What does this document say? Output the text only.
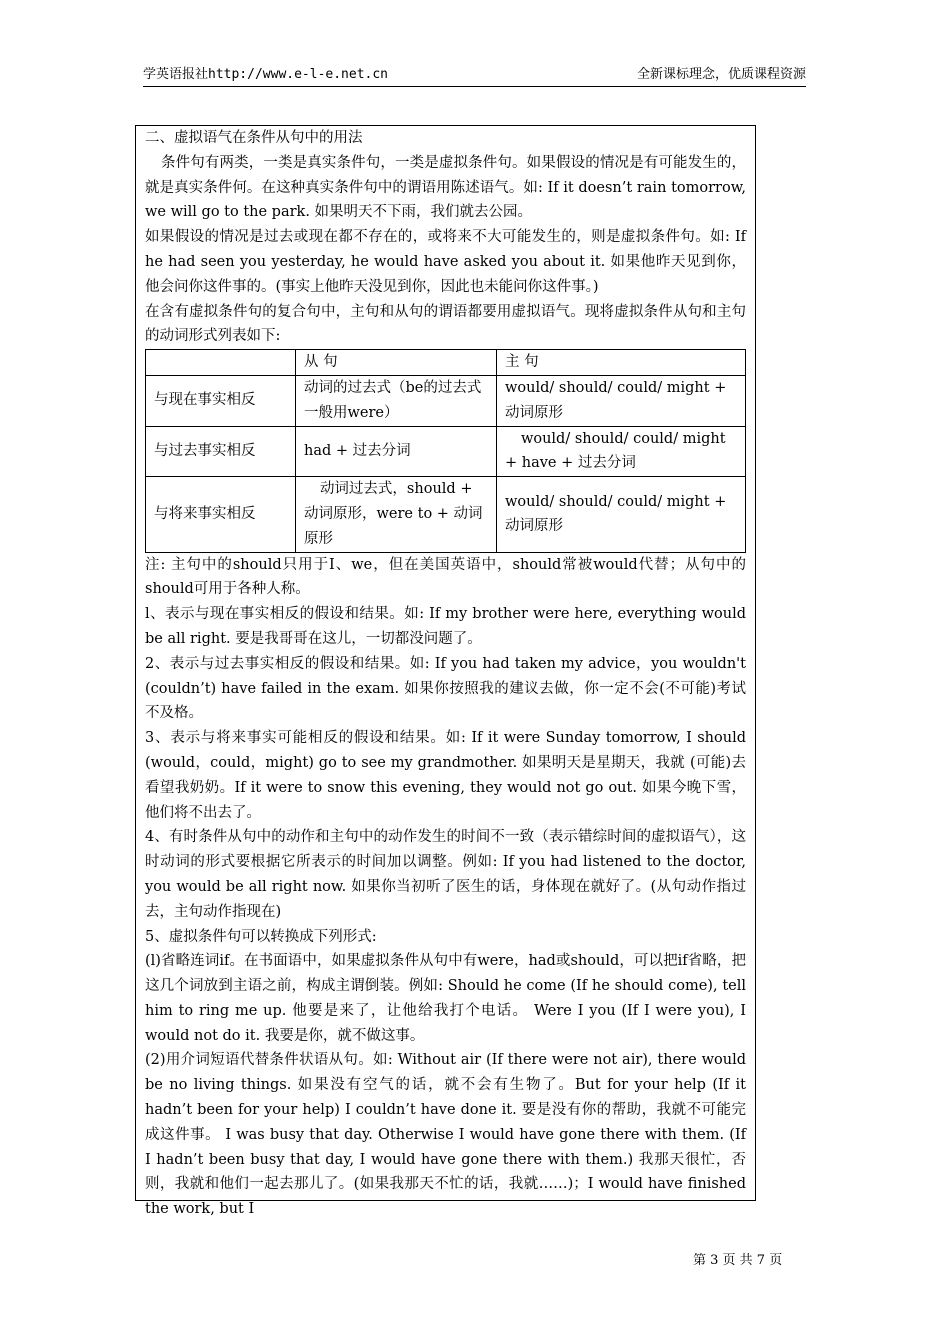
学英语报社http://www.e-l-e.net.cn	全新课标理念，优质课程资源

二、虚拟语气在条件从句中的用法

条件句有两类，一类是真实条件句，一类是虚拟条件句。如果假设的情况是有可能发生的，就是真实条件何。在这种真实条件句中的谓语用陈述语气。如: If it doesn’t rain tomorrow, we will go to the park. 如果明天不下雨，我们就去公园。

如果假设的情况是过去或现在都不存在的，或将来不大可能发生的，则是虚拟条件句。如: If he had seen you yesterday, he would have asked you about it. 如果他昨天见到你，他会问你这件事的。(事实上他昨天没见到你，因此也未能问你这件事。)

在含有虚拟条件句的复合句中，主句和从句的谓语都要用虚拟语气。现将虚拟条件从句和主句的动词形式列表如下:

	从 句	主 句
与现在事实相反	动词的过去式（be的过去式一般用were）	would/ should/ could/ might + 动词原形
与过去事实相反	had + 过去分词	would/ should/ could/ might + have + 过去分词
与将来事实相反	动词过去式，should + 动词原形，were to + 动词原形	would/ should/ could/ might + 动词原形

注: 主句中的should只用于I、we，但在美国英语中，should常被would代替；从句中的should可用于各种人称。

l、表示与现在事实相反的假设和结果。如: If my brother were here, everything would be all right. 要是我哥哥在这儿，一切都没问题了。

2、表示与过去事实相反的假设和结果。如: If you had taken my advice，you wouldn't (couldn’t) have failed in the exam. 如果你按照我的建议去做，你一定不会(不可能)考试不及格。

3、表示与将来事实可能相反的假设和结果。如: If it were Sunday tomorrow, I should (would，could，might) go to see my grandmother. 如果明天是星期天，我就 (可能)去看望我奶奶。If it were to snow this evening, they would not go out. 如果今晚下雪，他们将不出去了。

4、有时条件从句中的动作和主句中的动作发生的时间不一致（表示错综时间的虚拟语气），这时动词的形式要根据它所表示的时间加以调整。例如: If you had listened to the doctor, you would be all right now. 如果你当初听了医生的话，身体现在就好了。(从句动作指过去，主句动作指现在)

5、虚拟条件句可以转换成下列形式:

(l)省略连词if。在书面语中，如果虚拟条件从句中有were，had或should，可以把if省略，把这几个词放到主语之前，构成主谓倒装。例如: Should he come (If he should come), tell him to ring me up. 他要是来了，让他给我打个电话。 Were I you (If I were you), I would not do it. 我要是你，就不做这事。

(2)用介词短语代替条件状语从句。如: Without air (If there were not air), there would be no living things. 如果没有空气的话，就不会有生物了。But for your help (If it hadn’t been for your help) I couldn’t have done it. 要是没有你的帮助，我就不可能完成这件事。 I was busy that day. Otherwise I would have gone there with them. (If I hadn’t been busy that day, I would have gone there with them.) 我那天很忙，否则，我就和他们一起去那儿了。(如果我那天不忙的话，我就……)；I would have finished the work, but I

第 3 页 共 7 页
